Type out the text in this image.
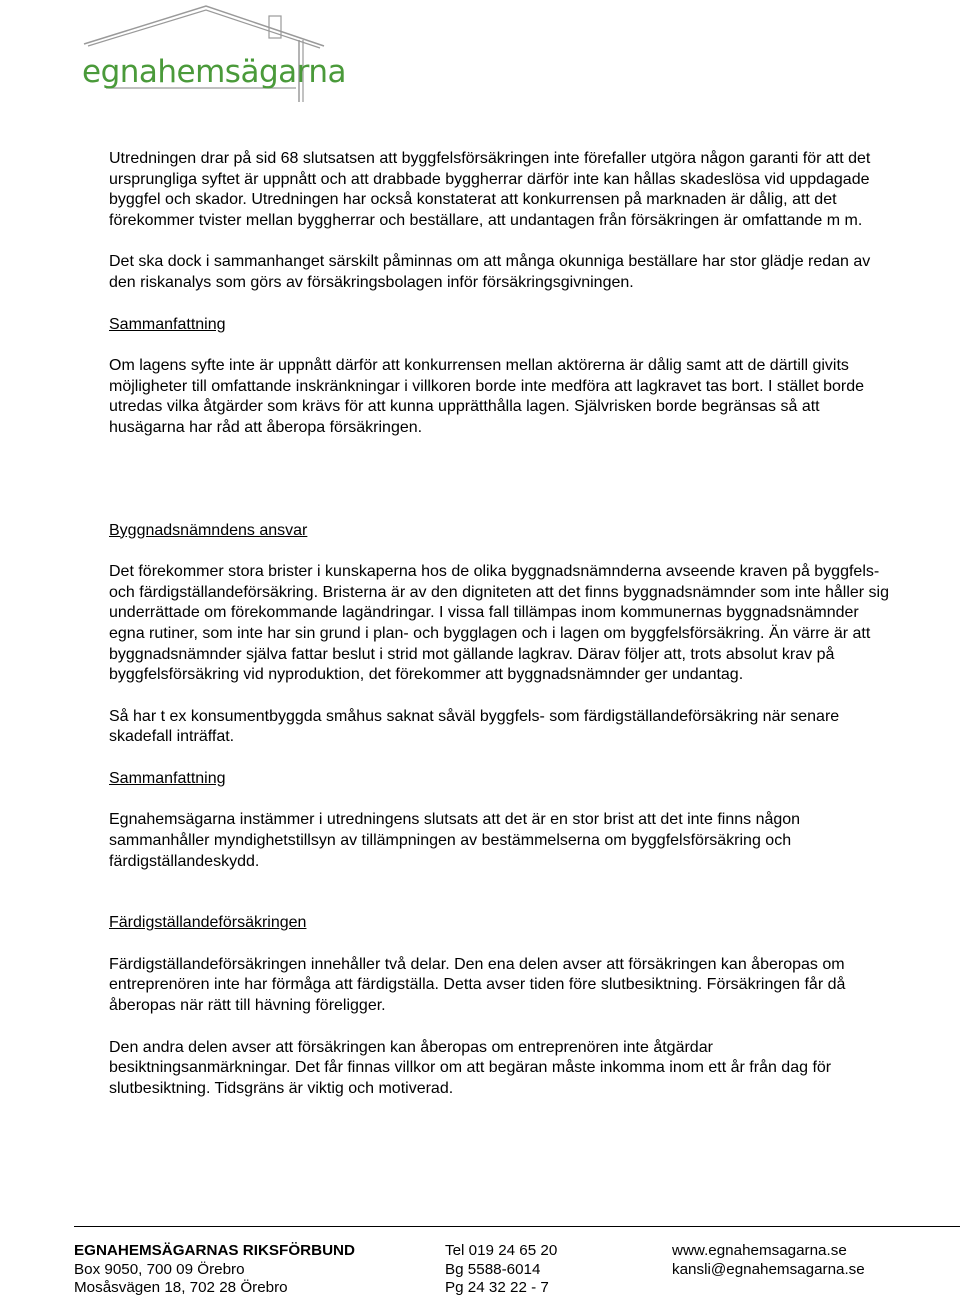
egnahemsägarna

Utredningen drar på sid 68 slutsatsen att byggfelsförsäkringen inte förefaller utgöra någon garanti för att det ursprungliga syftet är uppnått och att drabbade byggherrar därför inte kan hållas skadeslösa vid uppdagade byggfel och skador. Utredningen har också konstaterat att konkurrensen på marknaden är dålig, att det förekommer tvister mellan byggherrar och beställare, att undantagen från försäkringen är omfattande m m.

Det ska dock i sammanhanget särskilt påminnas om att många okunniga beställare har stor glädje redan av den riskanalys som görs av försäkringsbolagen inför försäkringsgivningen.

Sammanfattning

Om lagens syfte inte är uppnått därför att konkurrensen mellan aktörerna är dålig samt att de därtill givits möjligheter till omfattande inskränkningar i villkoren borde inte medföra att lagkravet tas bort. I stället borde utredas vilka åtgärder som krävs för att kunna upprätthålla lagen. Självrisken borde begränsas så att husägarna har råd att åberopa försäkringen.

Byggnadsnämndens ansvar

Det förekommer stora brister i kunskaperna hos de olika byggnadsnämnderna avseende kraven på byggfels- och färdigställandeförsäkring. Bristerna är av den digniteten att det finns byggnadsnämnder som inte håller sig underrättade om förekommande lagändringar. I vissa fall tillämpas inom kommunernas byggnadsnämnder egna rutiner, som inte har sin grund i plan- och bygglagen och i lagen om byggfelsförsäkring. Än värre är att byggnadsnämnder själva fattar beslut i strid mot gällande lagkrav. Därav följer att, trots absolut krav på byggfelsförsäkring vid nyproduktion, det förekommer att byggnadsnämnder ger undantag.

Så har t ex konsumentbyggda småhus saknat såväl byggfels- som färdigställandeförsäkring när senare skadefall inträffat.

Sammanfattning

Egnahemsägarna instämmer i utredningens slutsats att det är en stor brist att det inte finns någon sammanhåller myndighetstillsyn av tillämpningen av bestämmelserna om byggfelsförsäkring och färdigställandeskydd.

Färdigställandeförsäkringen

Färdigställandeförsäkringen innehåller två delar. Den ena delen avser att försäkringen kan åberopas om entreprenören inte har förmåga att färdigställa. Detta avser tiden före slutbesiktning. Försäkringen får då åberopas när rätt till hävning föreligger.

Den andra delen avser att försäkringen kan åberopas om entreprenören inte åtgärdar besiktningsanmärkningar. Det får finnas villkor om att begäran måste inkomma inom ett år från dag för slutbesiktning. Tidsgräns är viktig och motiverad.

EGNAHEMSÄGARNAS RIKSFÖRBUND
Box 9050, 700 09 Örebro
Mosåsvägen 18, 702 28 Örebro
Tel 019 24 65 20
Bg 5588-6014
Pg 24 32 22 - 7
www.egnahemsagarna.se
kansli@egnahemsagarna.se
